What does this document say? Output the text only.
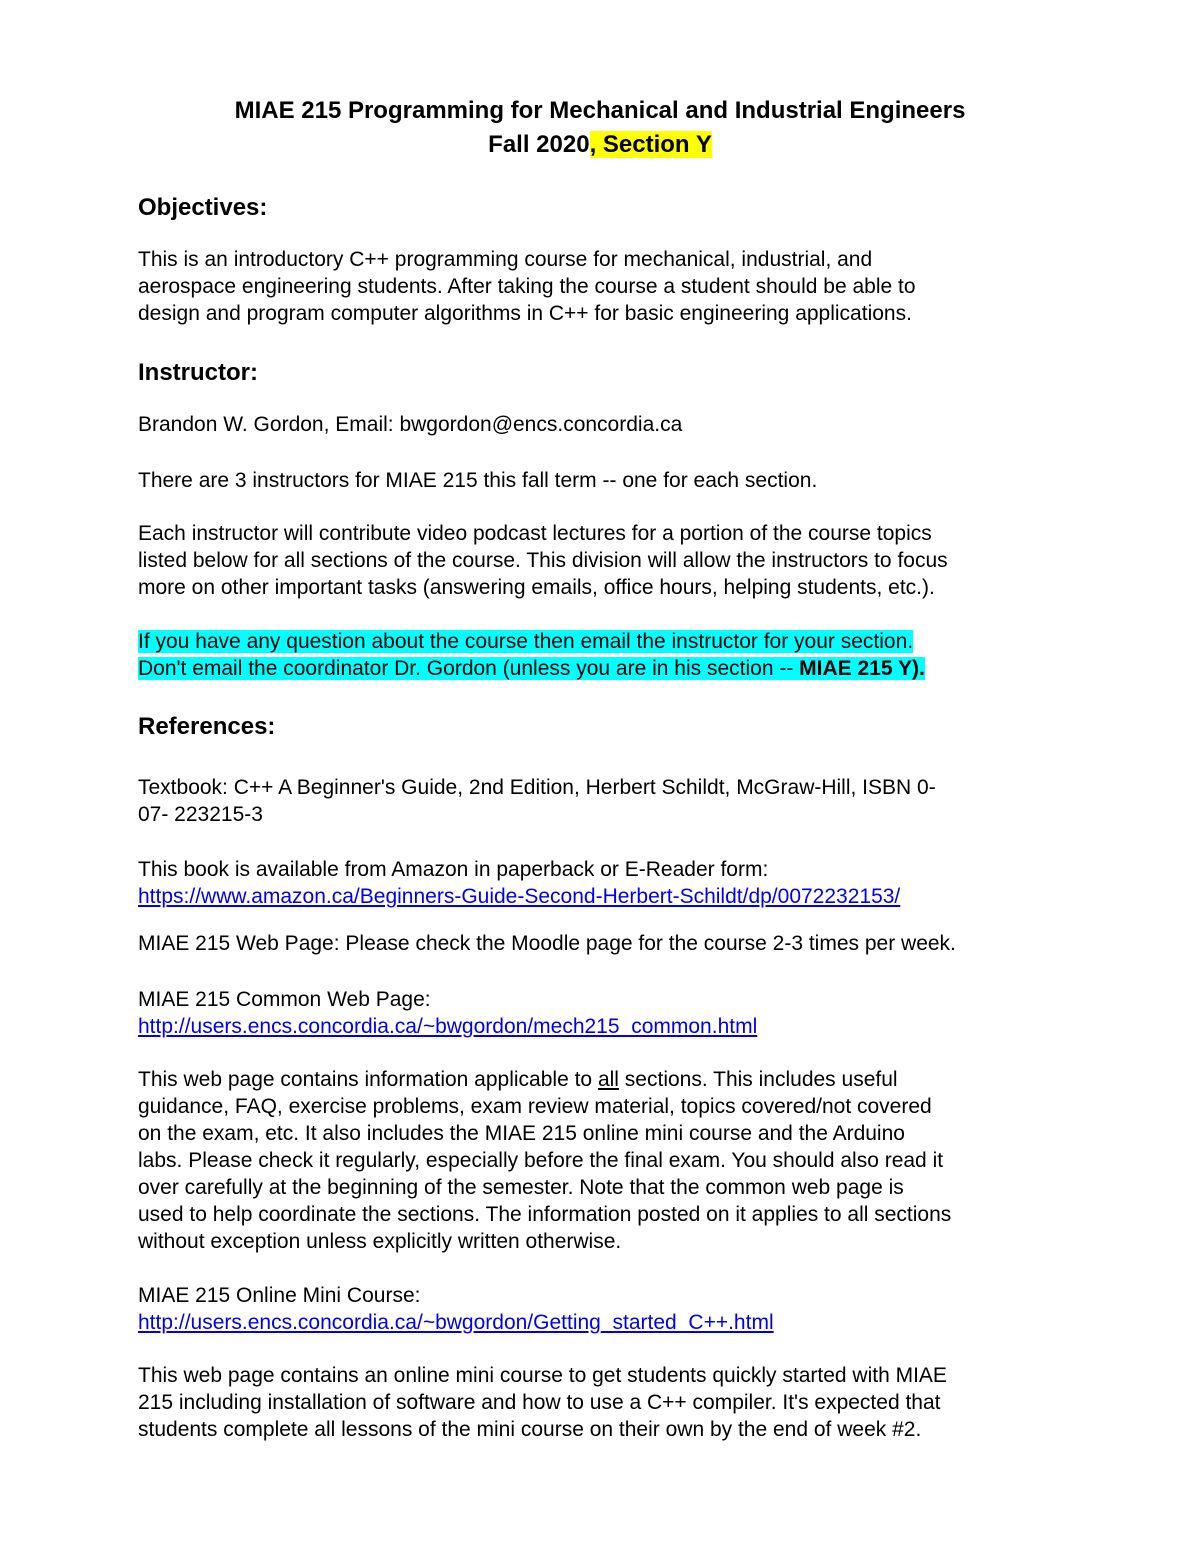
MIAE 215 Programming for Mechanical and Industrial Engineers
Fall 2020, Section Y
Objectives:
This is an introductory C++ programming course for mechanical, industrial, and
aerospace engineering students. After taking the course a student should be able to
design and program computer algorithms in C++ for basic engineering applications.
Instructor:
Brandon W. Gordon, Email: bwgordon@encs.concordia.ca
There are 3 instructors for MIAE 215 this fall term -- one for each section.
Each instructor will contribute video podcast lectures for a portion of the course topics
listed below for all sections of the course. This division will allow the instructors to focus
more on other important tasks (answering emails, office hours, helping students, etc.).
If you have any question about the course then email the instructor for your section.
Don't email the coordinator Dr. Gordon (unless you are in his section -- MIAE 215 Y).
References:
Textbook: C++ A Beginner's Guide, 2nd Edition, Herbert Schildt, McGraw-Hill, ISBN 0-
07- 223215-3
This book is available from Amazon in paperback or E-Reader form:
https://www.amazon.ca/Beginners-Guide-Second-Herbert-Schildt/dp/0072232153/
MIAE 215 Web Page: Please check the Moodle page for the course 2-3 times per week.
MIAE 215 Common Web Page:
http://users.encs.concordia.ca/~bwgordon/mech215_common.html
This web page contains information applicable to all sections. This includes useful
guidance, FAQ, exercise problems, exam review material, topics covered/not covered
on the exam, etc. It also includes the MIAE 215 online mini course and the Arduino
labs. Please check it regularly, especially before the final exam. You should also read it
over carefully at the beginning of the semester. Note that the common web page is
used to help coordinate the sections. The information posted on it applies to all sections
without exception unless explicitly written otherwise.
MIAE 215 Online Mini Course:
http://users.encs.concordia.ca/~bwgordon/Getting_started_C++.html
This web page contains an online mini course to get students quickly started with MIAE
215 including installation of software and how to use a C++ compiler. It's expected that
students complete all lessons of the mini course on their own by the end of week #2.
